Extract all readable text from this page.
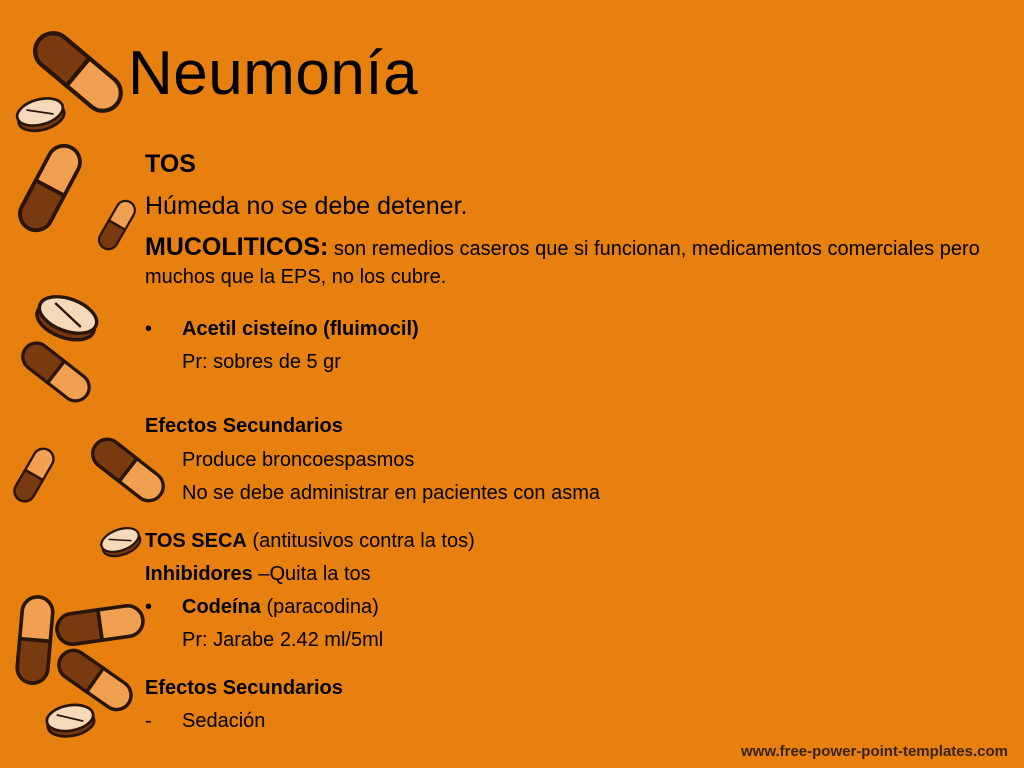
Neumonía
TOS
Húmeda no se debe detener.
MUCOLITICOS: son remedios caseros que si funcionan, medicamentos comerciales pero muchos que la EPS, no los cubre.
• Acetil cisteíno (fluimocil)
Pr: sobres de 5 gr
Efectos Secundarios
Produce broncoespasmos
No se debe administrar en pacientes con asma
TOS SECA (antitusivos contra la tos)
Inhibidores –Quita la tos
• Codeína (paracodina)
Pr: Jarabe 2.42 ml/5ml
Efectos Secundarios
- Sedación
www.free-power-point-templates.com
